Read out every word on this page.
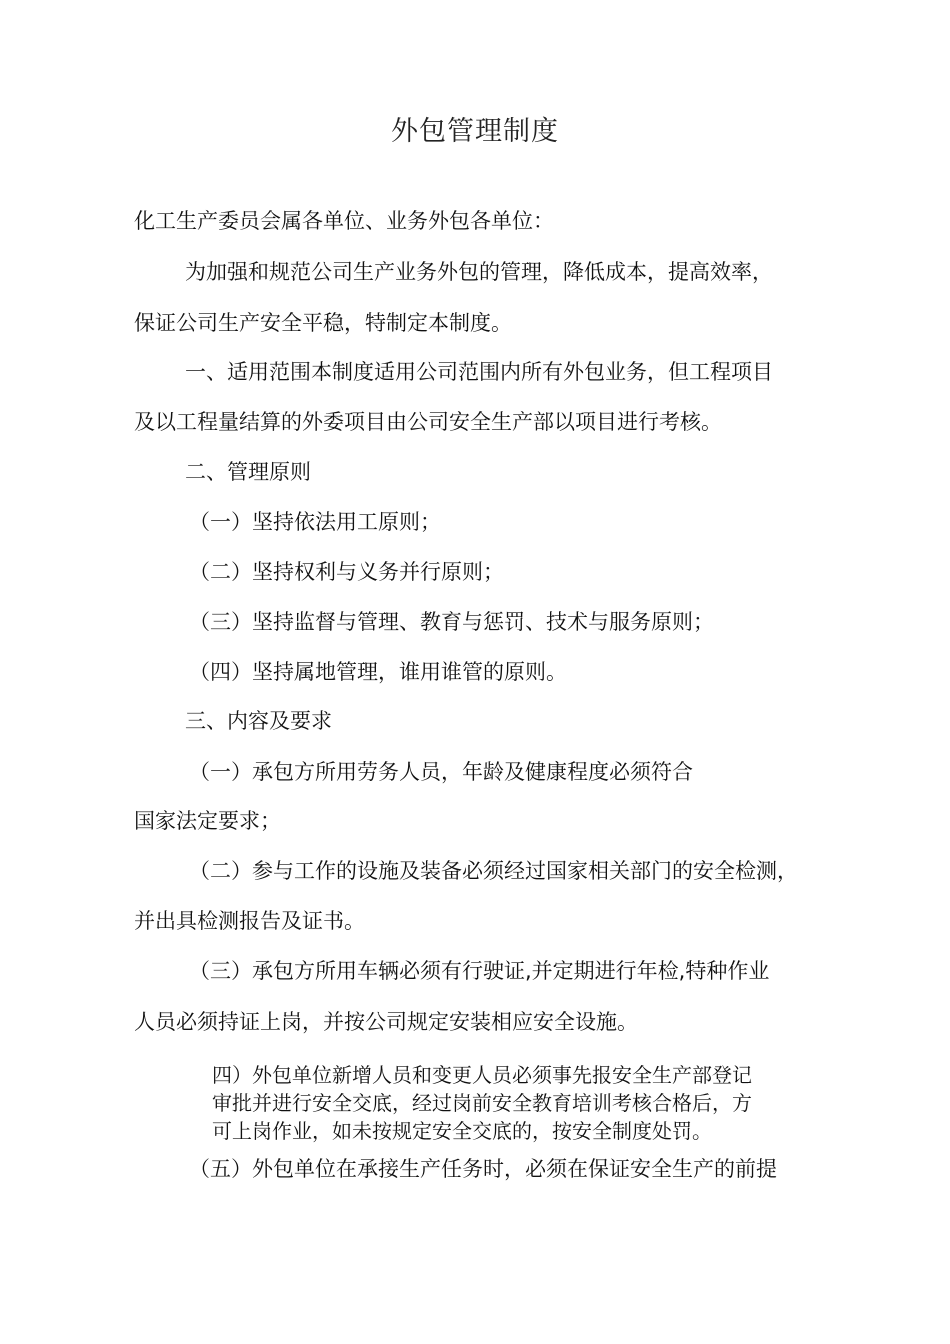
外包管理制度
化工生产委员会属各单位、业务外包各单位：
为加强和规范公司生产业务外包的管理，降低成本，提高效率，
保证公司生产安全平稳，特制定本制度。
一、适用范围本制度适用公司范围内所有外包业务，但工程项目
及以工程量结算的外委项目由公司安全生产部以项目进行考核。
二、管理原则
（一）坚持依法用工原则；
（二）坚持权利与义务并行原则；
（三）坚持监督与管理、教育与惩罚、技术与服务原则；
（四）坚持属地管理，谁用谁管的原则。
三、内容及要求
（一）承包方所用劳务人员，年龄及健康程度必须符合
国家法定要求；
（二）参与工作的设施及装备必须经过国家相关部门的安全检测，
并出具检测报告及证书。
（三）承包方所用车辆必须有行驶证,并定期进行年检,特种作业
人员必须持证上岗，并按公司规定安装相应安全设施。
四）外包单位新增人员和变更人员必须事先报安全生产部登记
审批并进行安全交底，经过岗前安全教育培训考核合格后，方
可上岗作业，如未按规定安全交底的，按安全制度处罚。
（五）外包单位在承接生产任务时，必须在保证安全生产的前提
